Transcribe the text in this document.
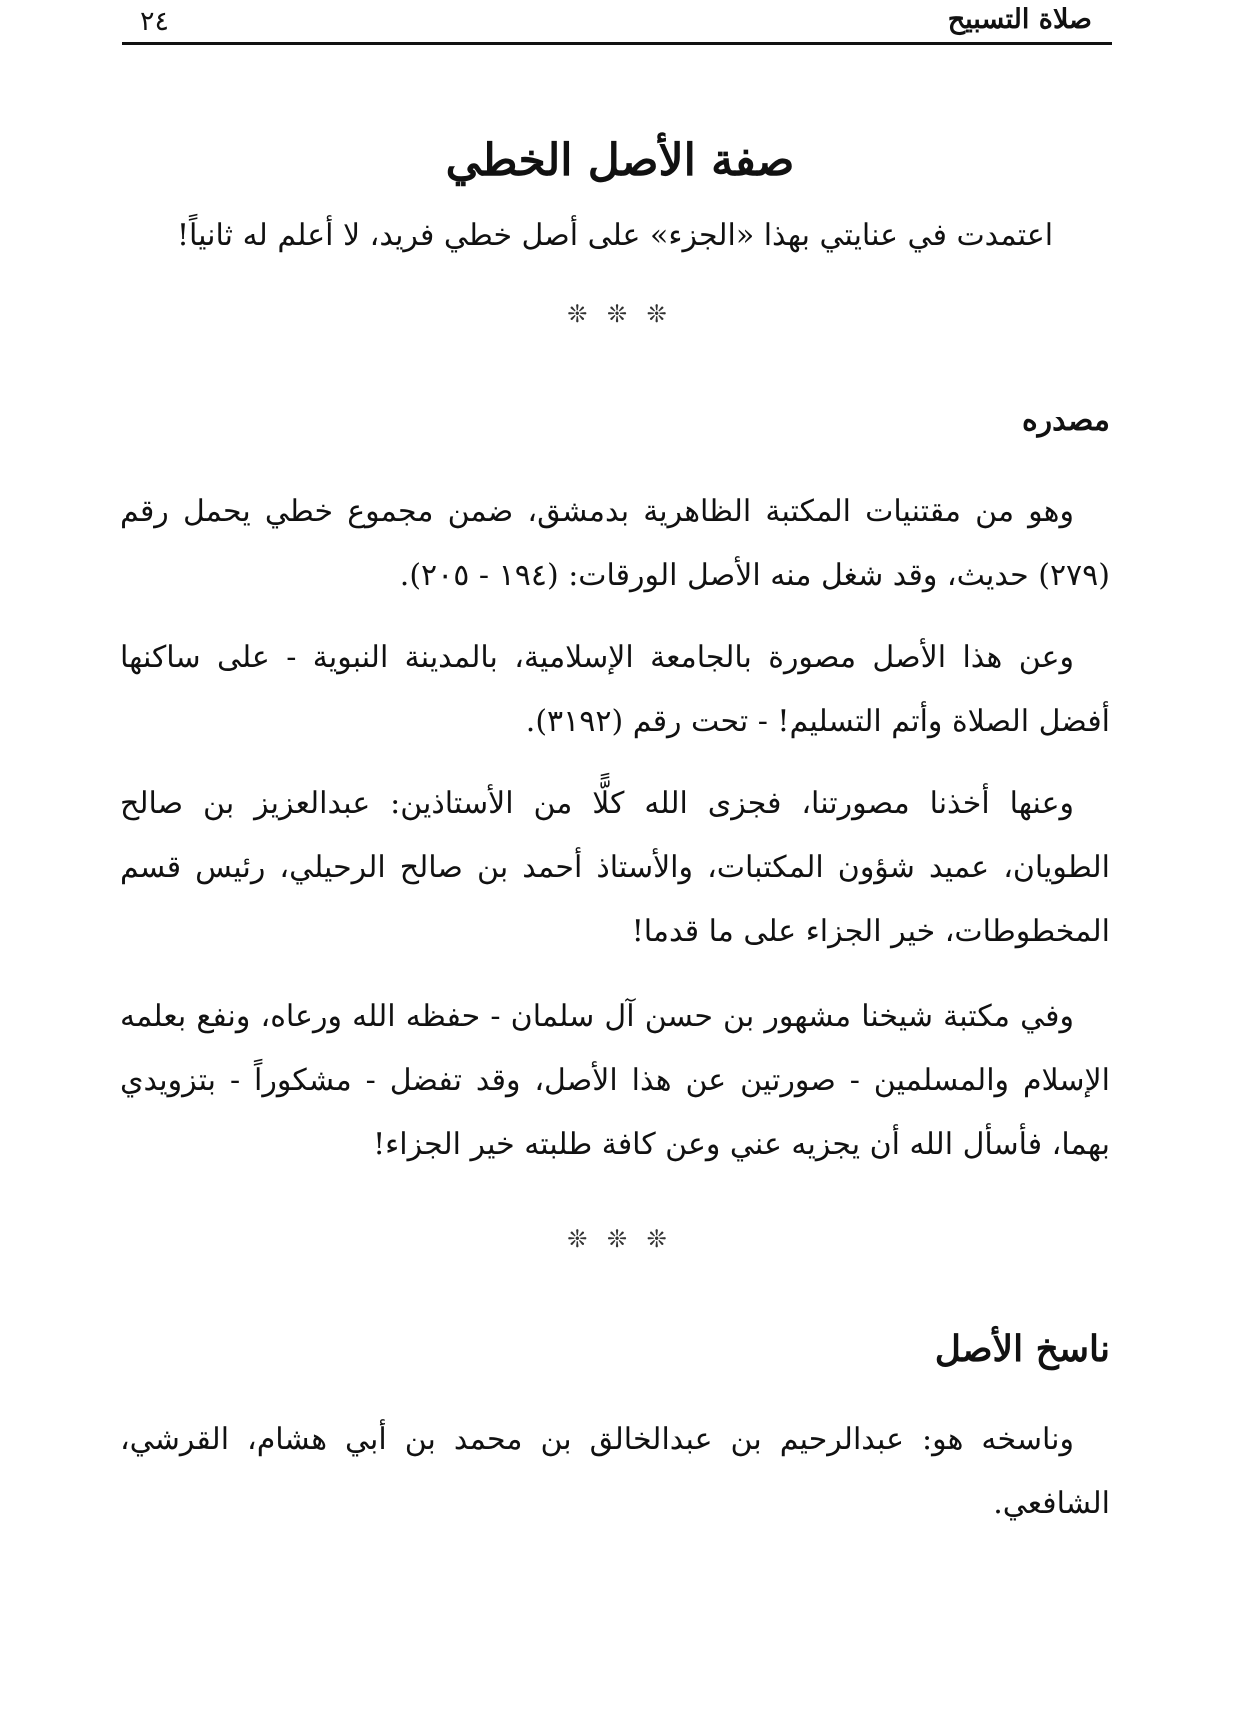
٢٤	صلاة التسبيح
صفة الأصل الخطي
اعتمدت في عنايتي بهذا «الجزء» على أصل خطي فريد، لا أعلم له ثانياً!
❊ ❊ ❊
مصدره
وهو من مقتنيات المكتبة الظاهرية بدمشق، ضمن مجموع خطي يحمل رقم (٢٧٩) حديث، وقد شغل منه الأصل الورقات: (١٩٤ - ٢٠٥).
وعن هذا الأصل مصورة بالجامعة الإسلامية، بالمدينة النبوية - على ساكنها أفضل الصلاة وأتم التسليم! - تحت رقم (٣١٩٢).
وعنها أخذنا مصورتنا، فجزى الله كلًّا من الأستاذين: عبدالعزيز بن صالح الطويان، عميد شؤون المكتبات، والأستاذ أحمد بن صالح الرحيلي، رئيس قسم المخطوطات، خير الجزاء على ما قدما!
وفي مكتبة شيخنا مشهور بن حسن آل سلمان - حفظه الله ورعاه، ونفع بعلمه الإسلام والمسلمين - صورتين عن هذا الأصل، وقد تفضل - مشكوراً - بتزويدي بهما، فأسأل الله أن يجزيه عني وعن كافة طلبته خير الجزاء!
❊ ❊ ❊
ناسخ الأصل
وناسخه هو: عبدالرحيم بن عبدالخالق بن محمد بن أبي هشام، القرشي، الشافعي.
